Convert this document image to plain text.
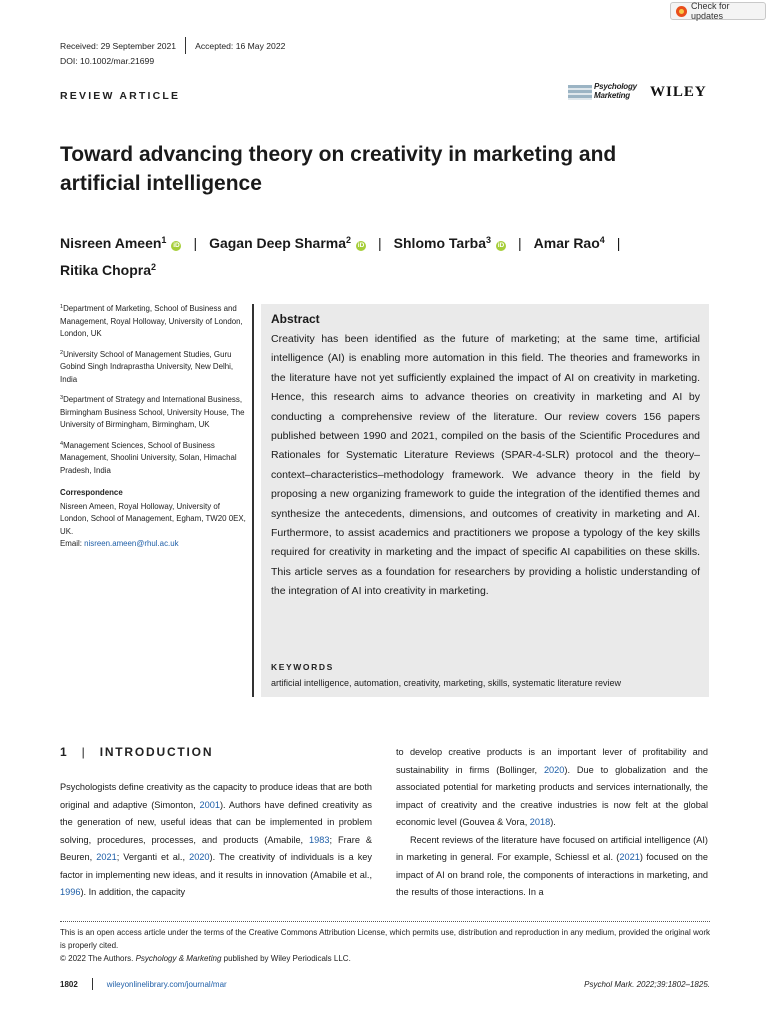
Check for updates
Received: 29 September 2021 Accepted: 16 May 2022
DOI: 10.1002/mar.21699
REVIEW ARTICLE
Psychology
Marketing	WILEY
Toward advancing theory on creativity in marketing and artificial intelligence
Nisreen Ameen$^1$iD | Gagan Deep Sharma$^2$iD | Shlomo Tarba$^3$iD | Amar Rao$^4$ |
Ritika Chopra$^2$

$^1$Department of Marketing, School of Business and Management, Royal Holloway, University of London, London, UK

$^2$University School of Management Studies, Guru Gobind Singh Indraprastha University, New Delhi, India

$^3$Department of Strategy and International Business, Birmingham Business School, University House, The University of Birmingham, Birmingham, UK

$^4$Management Sciences, School of Business Management, Shoolini University, Solan, Himachal Pradesh, India

Correspondence

Nisreen Ameen, Royal Holloway, University of London, School of Management, Egham, TW20 0EX, UK.
Email: nisreen.ameen@rhul.ac.uk

Abstract
Creativity has been identified as the future of marketing; at the same time, artificial intelligence (AI) is enabling more automation in this field. The theories and frameworks in the literature have not yet sufficiently explained the impact of AI on creativity in marketing. Hence, this research aims to advance theories on creativity in marketing and AI by conducting a comprehensive review of the literature. Our review covers 156 papers published between 1990 and 2021, compiled on the basis of the Scientific Procedures and Rationales for Systematic Literature Reviews (SPAR-4-SLR) protocol and the theory–context–characteristics–methodology framework. We advance theory in the field by proposing a new organizing framework to guide the integration of the identified themes and synthesize the antecedents, dimensions, and outcomes of creativity in marketing and AI. Furthermore, to assist academics and practitioners we propose a typology of the key skills required for creativity in marketing and the impact of specific AI capabilities on these skills. This article serves as a foundation for researchers by providing a holistic understanding of the integration of AI into creativity in marketing.
KEYWORDS
artificial intelligence, automation, creativity, marketing, skills, systematic literature review
1 | INTRODUCTION
Psychologists define creativity as the capacity to produce ideas that are both original and adaptive (Simonton, 2001). Authors have defined creativity as the generation of new, useful ideas that can be implemented in problem solving, procedures, processes, and products (Amabile, 1983; Frare & Beuren, 2021; Verganti et al., 2020). The creativity of individuals is a key factor in implementing new ideas, and it results in innovation (Amabile et al., 1996). In addition, the capacity

to develop creative products is an important lever of profitability and sustainability in firms (Bollinger, 2020). Due to globalization and the associated potential for marketing products and services internationally, the impact of creativity and the creative industries is now felt at the global economic level (Gouvea & Vora, 2018).

Recent reviews of the literature have focused on artificial intelligence (AI) in marketing in general. For example, Schiessl et al. (2021) focused on the impact of AI on brand role, the components of interactions in marketing, and the results of those interactions. In a

This is an open access article under the terms of the Creative Commons Attribution License, which permits use, distribution and reproduction in any medium, provided the original work is properly cited.
© 2022 The Authors. Psychology & Marketing published by Wiley Periodicals LLC.
1802	wileyonlinelibrary.com/journal/mar	Psychol Mark. 2022;39:1802–1825.
